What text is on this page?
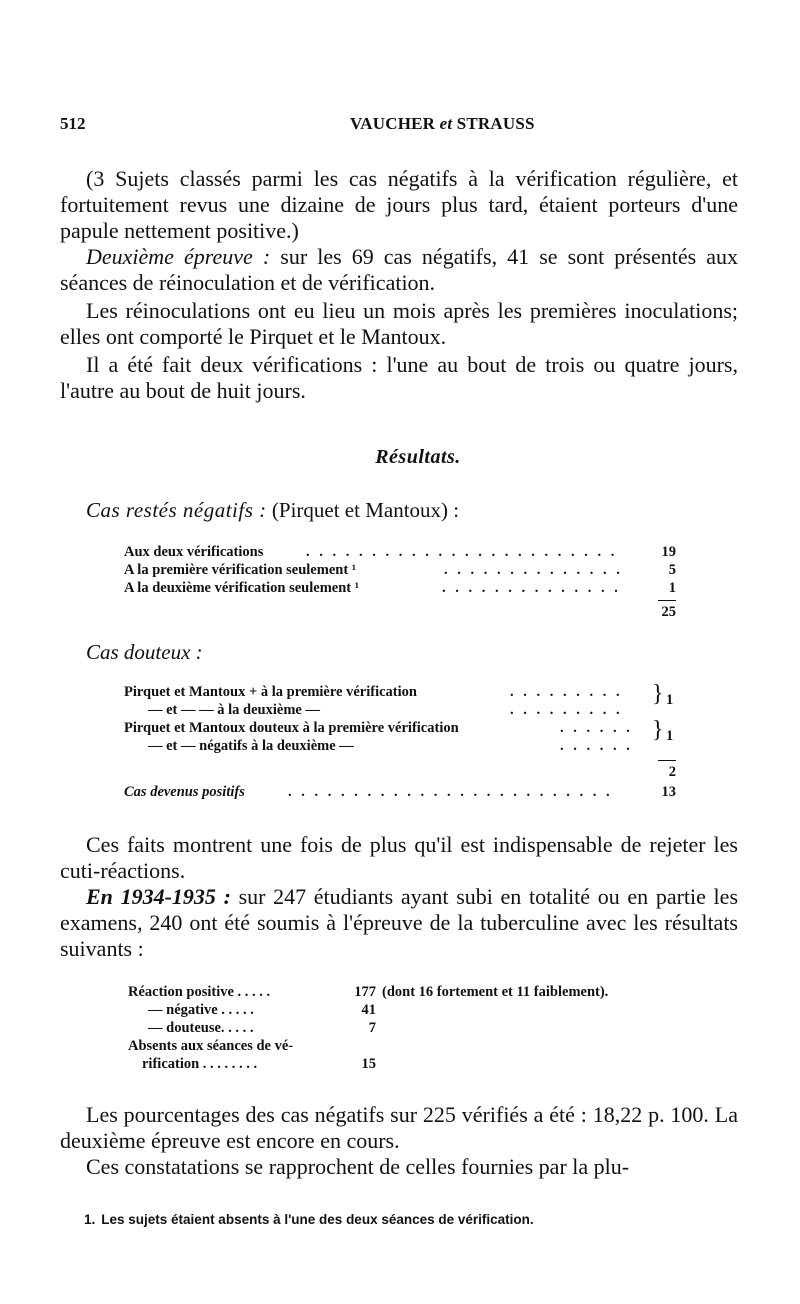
512	VAUCHER et STRAUSS

(3 Sujets classés parmi les cas négatifs à la vérification régulière, et fortuitement revus une dizaine de jours plus tard, étaient porteurs d'une papule nettement positive.)

Deuxième épreuve : sur les 69 cas négatifs, 41 se sont présentés aux séances de réinoculation et de vérification.

Les réinoculations ont eu lieu un mois après les premières inoculations; elles ont comporté le Pirquet et le Mantoux.

Il a été fait deux vérifications : l'une au bout de trois ou quatre jours, l'autre au bout de huit jours.

Résultats.
Cas restés négatifs : (Pirquet et Mantoux) :
Aux deux vérifications	. . . . . . . . . . . . . . . . . . . . . . . .	19
A la première vérification seulement ¹	. . . . . . . . . . . . . .	5
A la deuxième vérification seulement ¹	. . . . . . . . . . . . . .	1
25
Cas douteux :
Pirquet et Mantoux + à la première vérification	. . . . . . . . .
— et — — à la deuxième —	. . . . . . . . .
} 1
Pirquet et Mantoux douteux à la première vérification	. . . . . .
— et — négatifs à la deuxième —	. . . . . .
} 1
2
Cas devenus positifs	. . . . . . . . . . . . . . . . . . . . . . . . .	13

Ces faits montrent une fois de plus qu'il est indispensable de rejeter les cuti-réactions.

En 1934-1935 : sur 247 étudiants ayant subi en totalité ou en partie les examens, 240 ont été soumis à l'épreuve de la tuberculine avec les résultats suivants :

Réaction positive . . . . .	177 (dont 16 fortement et 11 faiblement).
— négative . . . . .	41
— douteuse. . . . .	7
Absents aux séances de vé-
rification . . . . . . . .	15

Les pourcentages des cas négatifs sur 225 vérifiés a été : 18,22 p. 100. La deuxième épreuve est encore en cours.

Ces constatations se rapprochent de celles fournies par la plu-

1. Les sujets étaient absents à l'une des deux séances de vérification.
